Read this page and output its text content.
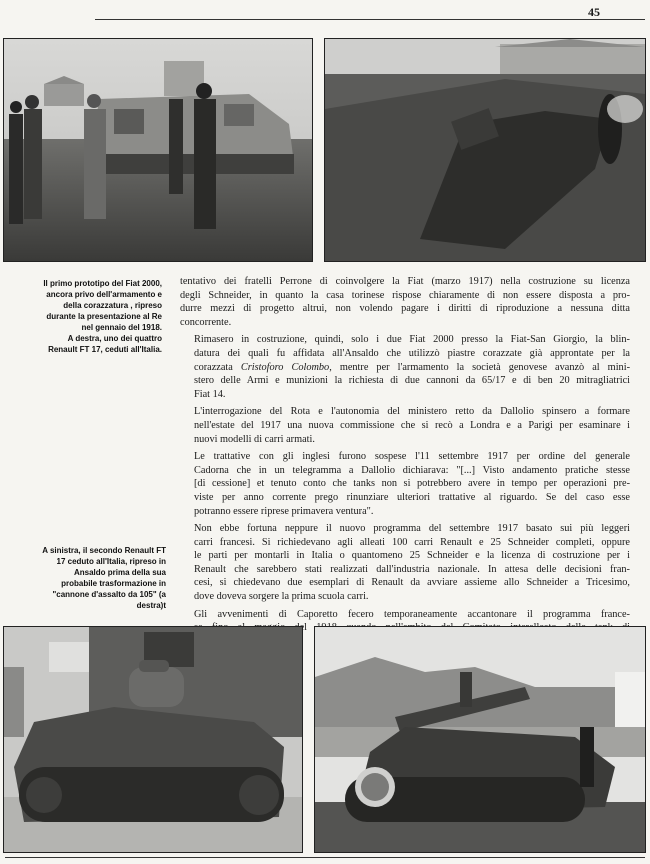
45
Il primo prototipo del Fiat 2000,
ancora privo dell'armamento e
della corazzatura , ripreso
durante la presentazione al Re
nel gennaio del 1918.
A destra, uno dei quattro
Renault FT 17, ceduti all'Italia.
A sinistra, il secondo Renault FT
17 ceduto all'Italia, ripreso in
Ansaldo prima della sua
probabile trasformazione in
"cannone d'assalto da 105" (a
destra)t

tentativo dei fratelli Perrone di coinvolgere la Fiat (marzo 1917) nella costruzione su licenza
degli Schneider, in quanto la casa torinese rispose chiaramente di non essere disposta a pro-
durre mezzi di progetto altrui, non volendo pagare i diritti di riproduzione a nessuna ditta
concorrente.

Rimasero in costruzione, quindi, solo i due Fiat 2000 presso la Fiat-San Giorgio, la blin-
datura dei quali fu affidata all'Ansaldo che utilizzò piastre corazzate già approntate per la
corazzata Cristoforo Colombo, mentre per l'armamento la società genovese avanzò al mini-
stero delle Armi e munizioni la richiesta di due cannoni da 65/17 e di ben 20 mitragliatrici
Fiat 14.

L'interrogazione del Rota e l'autonomia del ministero retto da Dallolio spinsero a formare
nell'estate del 1917 una nuova commissione che si recò a Londra e a Parigi per esaminare i
nuovi modelli di carri armati.

Le trattative con gli inglesi furono sospese l'11 settembre 1917 per ordine del generale
Cadorna che in un telegramma a Dallolio dichiarava: "[...] Visto andamento pratiche stesse
[di cessione] et tenuto conto che tanks non si potrebbero avere in tempo per operazioni pre-
viste per anno corrente prego rinunziare ulteriori trattative al riguardo. Se del caso esse
potranno essere riprese primavera ventura".

Non ebbe fortuna neppure il nuovo programma del settembre 1917 basato sui più leggeri
carri francesi. Si richiedevano agli alleati 100 carri Renault e 25 Schneider completi, oppure
le parti per montarli in Italia o quantomeno 25 Schneider e la licenza di costruzione per i
Renault che sarebbero stati realizzati dall'industria nazionale. In attesa delle decisioni fran-
cesi, si chiedevano due esemplari di Renault da avviare assieme allo Schneider a Tricesimo,
dove doveva sorgere la prima scuola carri.

Gli avvenimenti di Caporetto fecero temporaneamente accantonare il programma france-
